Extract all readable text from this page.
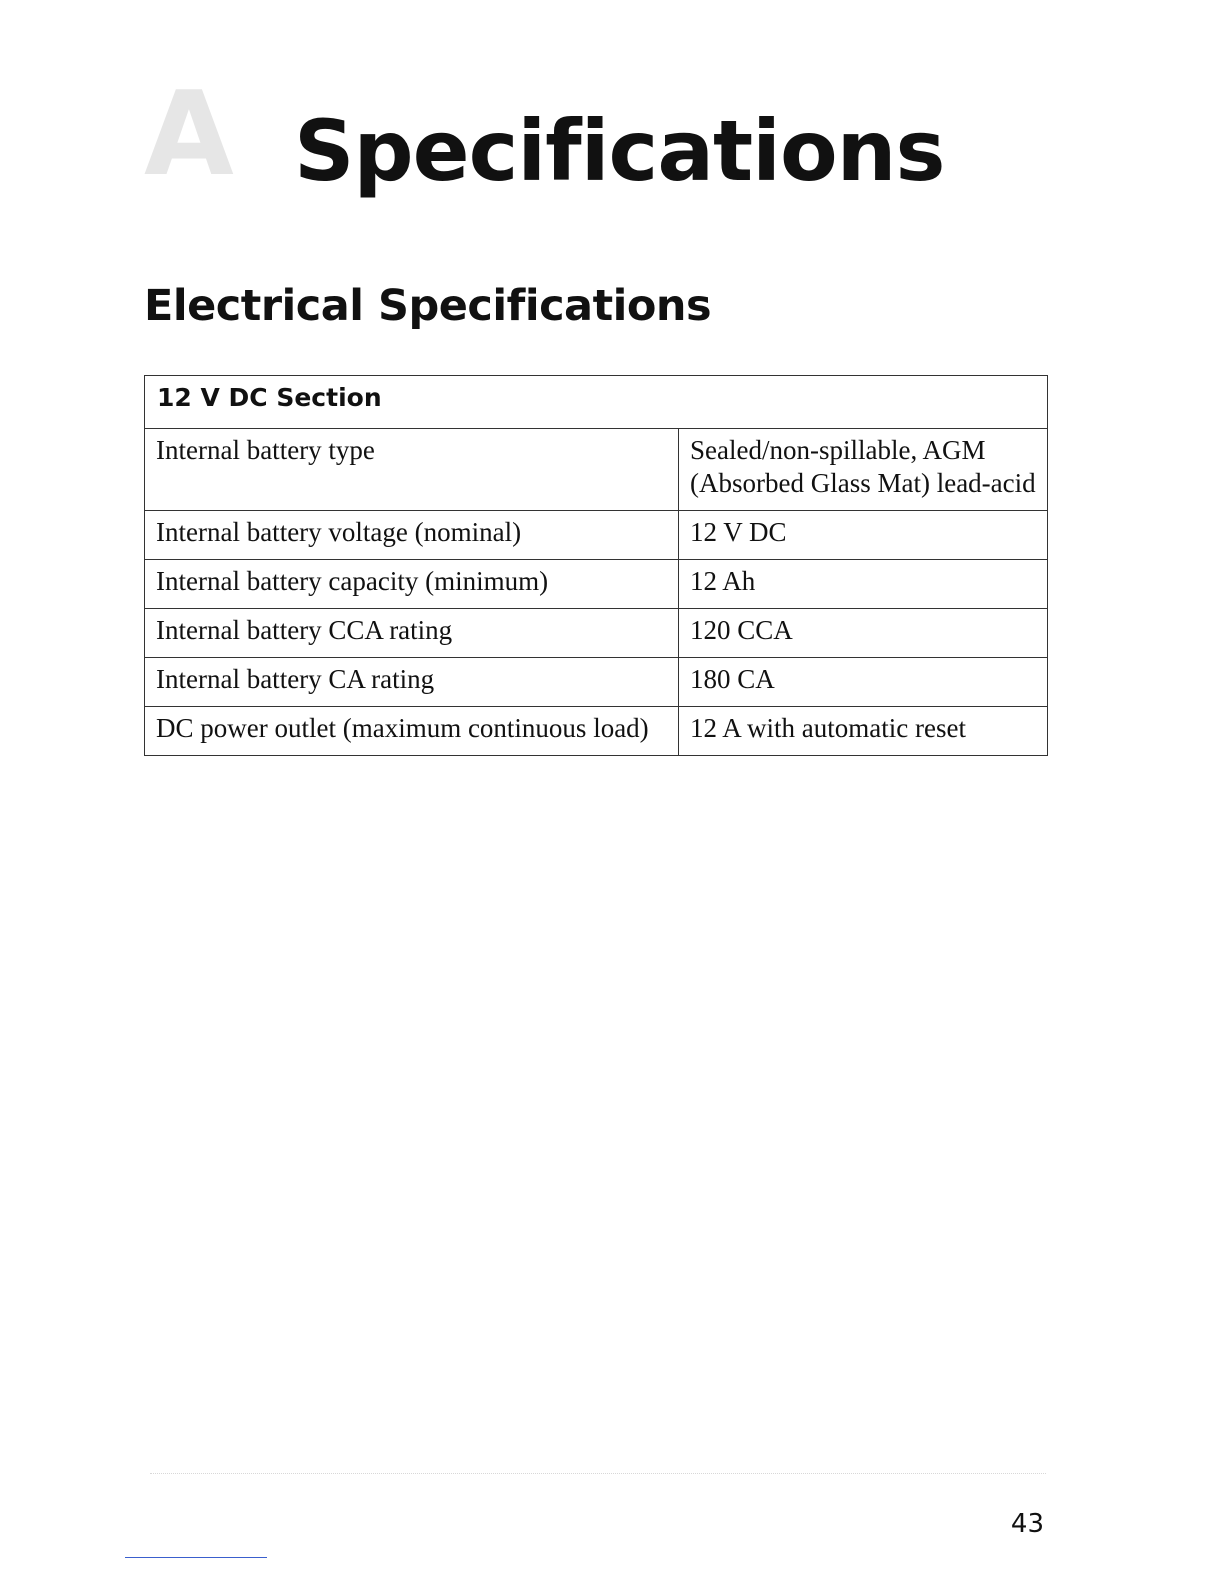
A Specifications
Electrical Specifications
12 V DC Section	
Internal battery type	Sealed/non-spillable, AGM (Absorbed Glass Mat) lead-acid
Internal battery voltage (nominal)	12 V DC
Internal battery capacity (minimum)	12 Ah
Internal battery CCA rating	120 CCA
Internal battery CA rating	180 CA
DC power outlet (maximum continuous load)	12 A with automatic reset
43
